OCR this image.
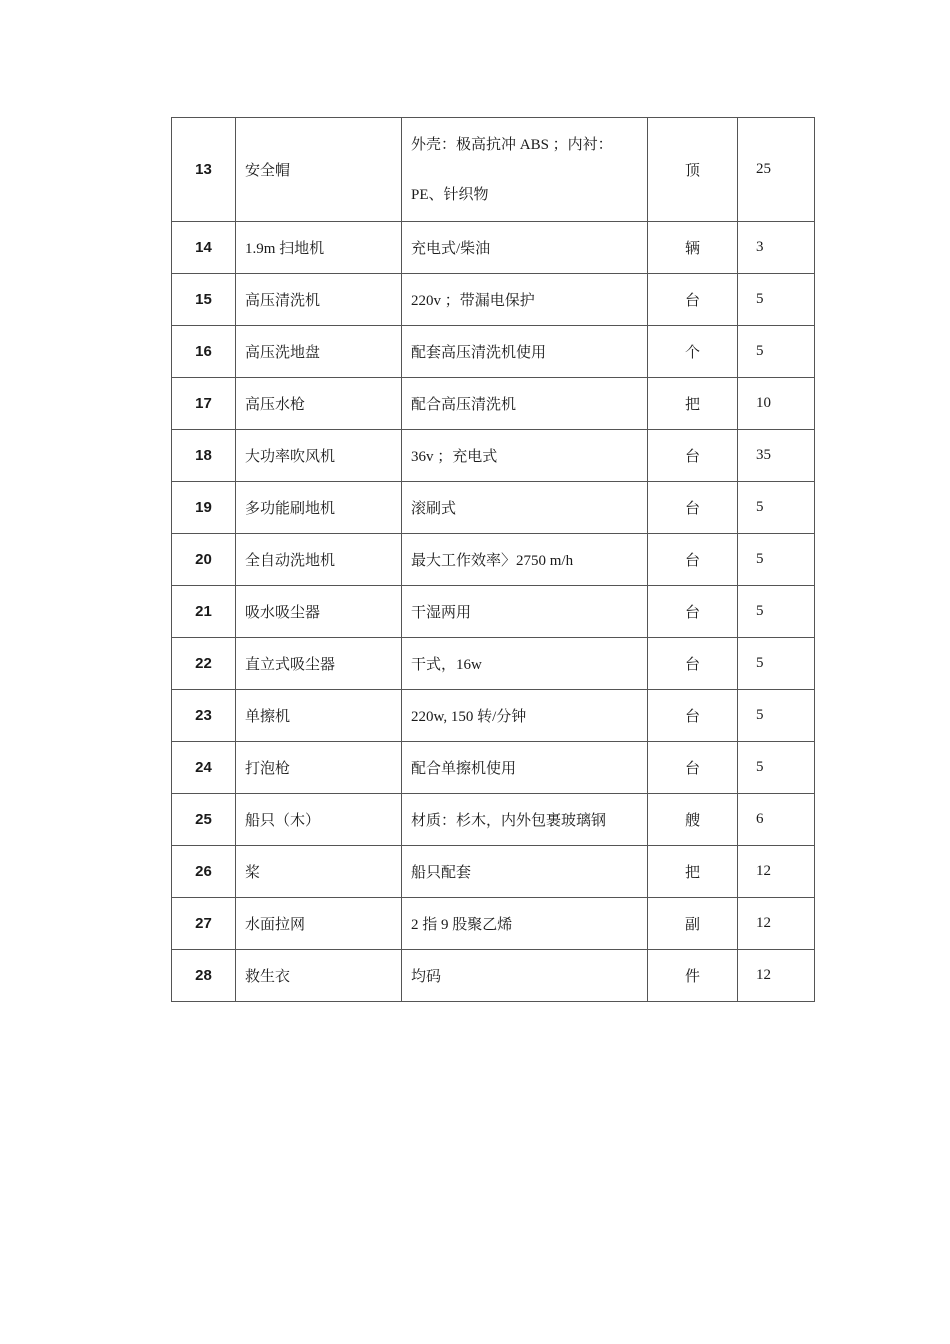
13	安全帽	外壳：极高抗冲 ABS ；内衬：
PE、针织物	顶	25
14	1.9m 扫地机	充电式/柴油	辆	3
15	高压清洗机	220v ；带漏电保护	台	5
16	高压洗地盘	配套高压清洗机使用	个	5
17	高压水枪	配合高压清洗机	把	10
18	大功率吹风机	36v ；充电式	台	35
19	多功能刷地机	滚刷式	台	5
20	全自动洗地机	最大工作效率〉2750 m/h	台	5
21	吸水吸尘器	干湿两用	台	5
22	直立式吸尘器	干式，16w	台	5
23	单擦机	220w, 150 转/分钟	台	5
24	打泡枪	配合单擦机使用	台	5
25	船只（木）	材质：杉木，内外包裹玻璃钢	艘	6
26	桨	船只配套	把	12
27	水面拉网	2 指 9 股聚乙烯	副	12
28	救生衣	均码	件	12
